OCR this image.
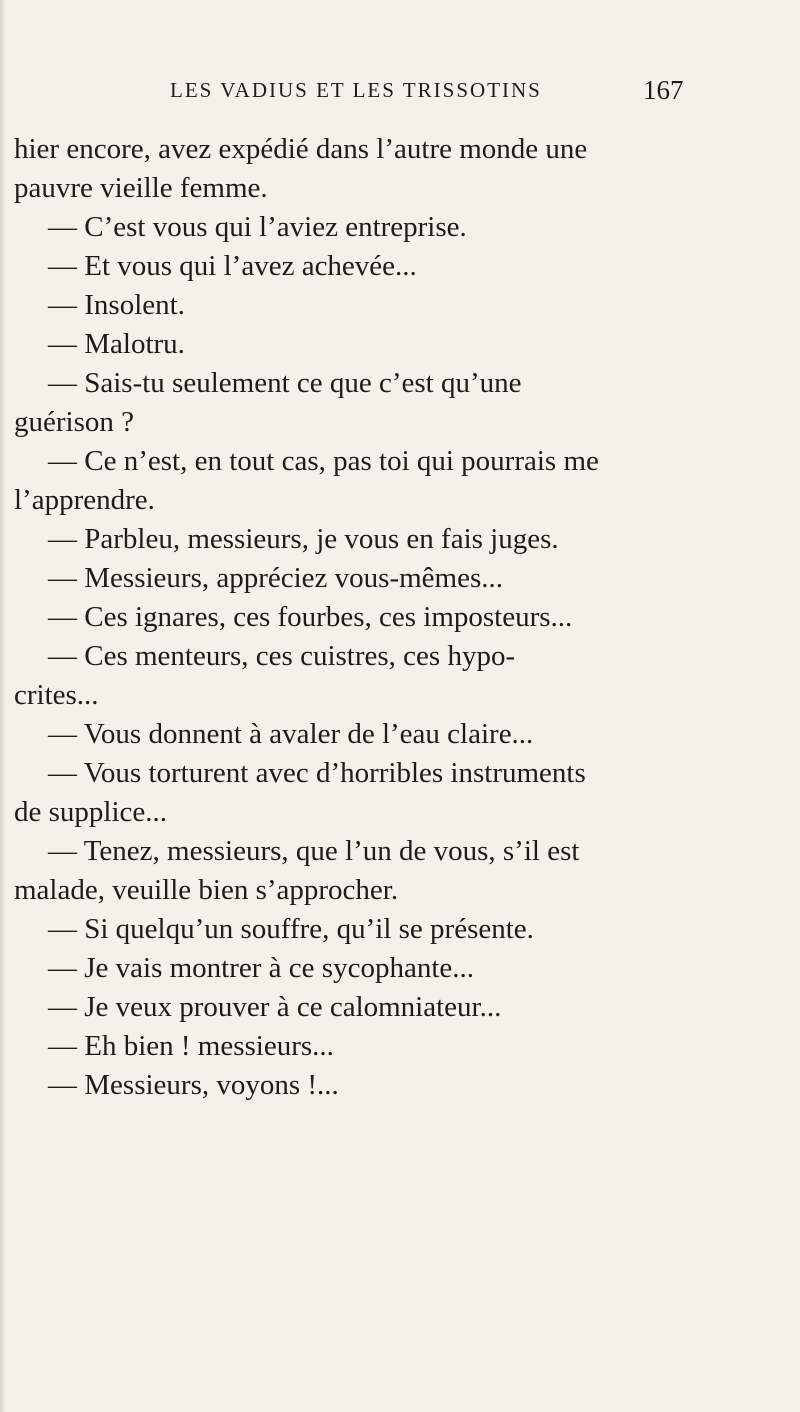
LES VADIUS ET LES TRISSOTINS	167
hier encore, avez expédié dans l’autre monde une
pauvre vieille femme.
— C’est vous qui l’aviez entreprise.
— Et vous qui l’avez achevée...
— Insolent.
— Malotru.
— Sais-tu seulement ce que c’est qu’une
guérison ?
— Ce n’est, en tout cas, pas toi qui pourrais me
l’apprendre.
— Parbleu, messieurs, je vous en fais juges.
— Messieurs, appréciez vous-mêmes...
— Ces ignares, ces fourbes, ces imposteurs...
— Ces menteurs, ces cuistres, ces hypo-
crites...
— Vous donnent à avaler de l’eau claire...
— Vous torturent avec d’horribles instruments
de supplice...
— Tenez, messieurs, que l’un de vous, s’il est
malade, veuille bien s’approcher.
— Si quelqu’un souffre, qu’il se présente.
— Je vais montrer à ce sycophante...
— Je veux prouver à ce calomniateur...
— Eh bien ! messieurs...
— Messieurs, voyons !...
